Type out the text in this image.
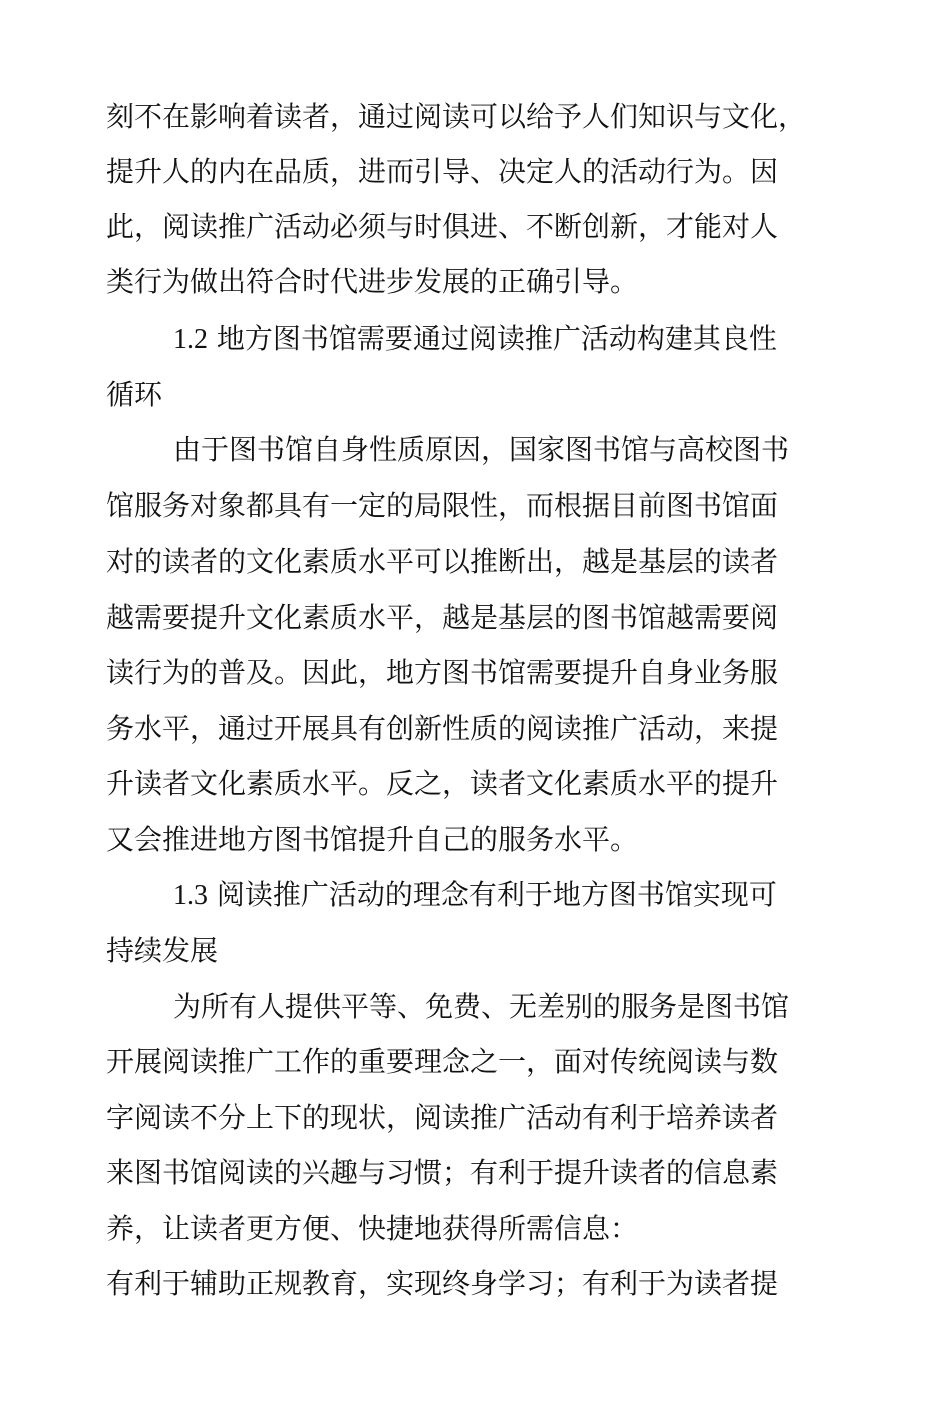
刻不在影响着读者，通过阅读可以给予人们知识与文化，
提升人的内在品质，进而引导、决定人的活动行为。因
此，阅读推广活动必须与时俱进、不断创新，才能对人
类行为做出符合时代进步发展的正确引导。
1.2 地方图书馆需要通过阅读推广活动构建其良性
循环
由于图书馆自身性质原因，国家图书馆与高校图书
馆服务对象都具有一定的局限性，而根据目前图书馆面
对的读者的文化素质水平可以推断出，越是基层的读者
越需要提升文化素质水平，越是基层的图书馆越需要阅
读行为的普及。因此，地方图书馆需要提升自身业务服
务水平，通过开展具有创新性质的阅读推广活动，来提
升读者文化素质水平。反之，读者文化素质水平的提升
又会推进地方图书馆提升自己的服务水平。
1.3 阅读推广活动的理念有利于地方图书馆实现可
持续发展
为所有人提供平等、免费、无差别的服务是图书馆
开展阅读推广工作的重要理念之一，面对传统阅读与数
字阅读不分上下的现状，阅读推广活动有利于培养读者
来图书馆阅读的兴趣与习惯；有利于提升读者的信息素
养，让读者更方便、快捷地获得所需信息：
有利于辅助正规教育，实现终身学习；有利于为读者提
